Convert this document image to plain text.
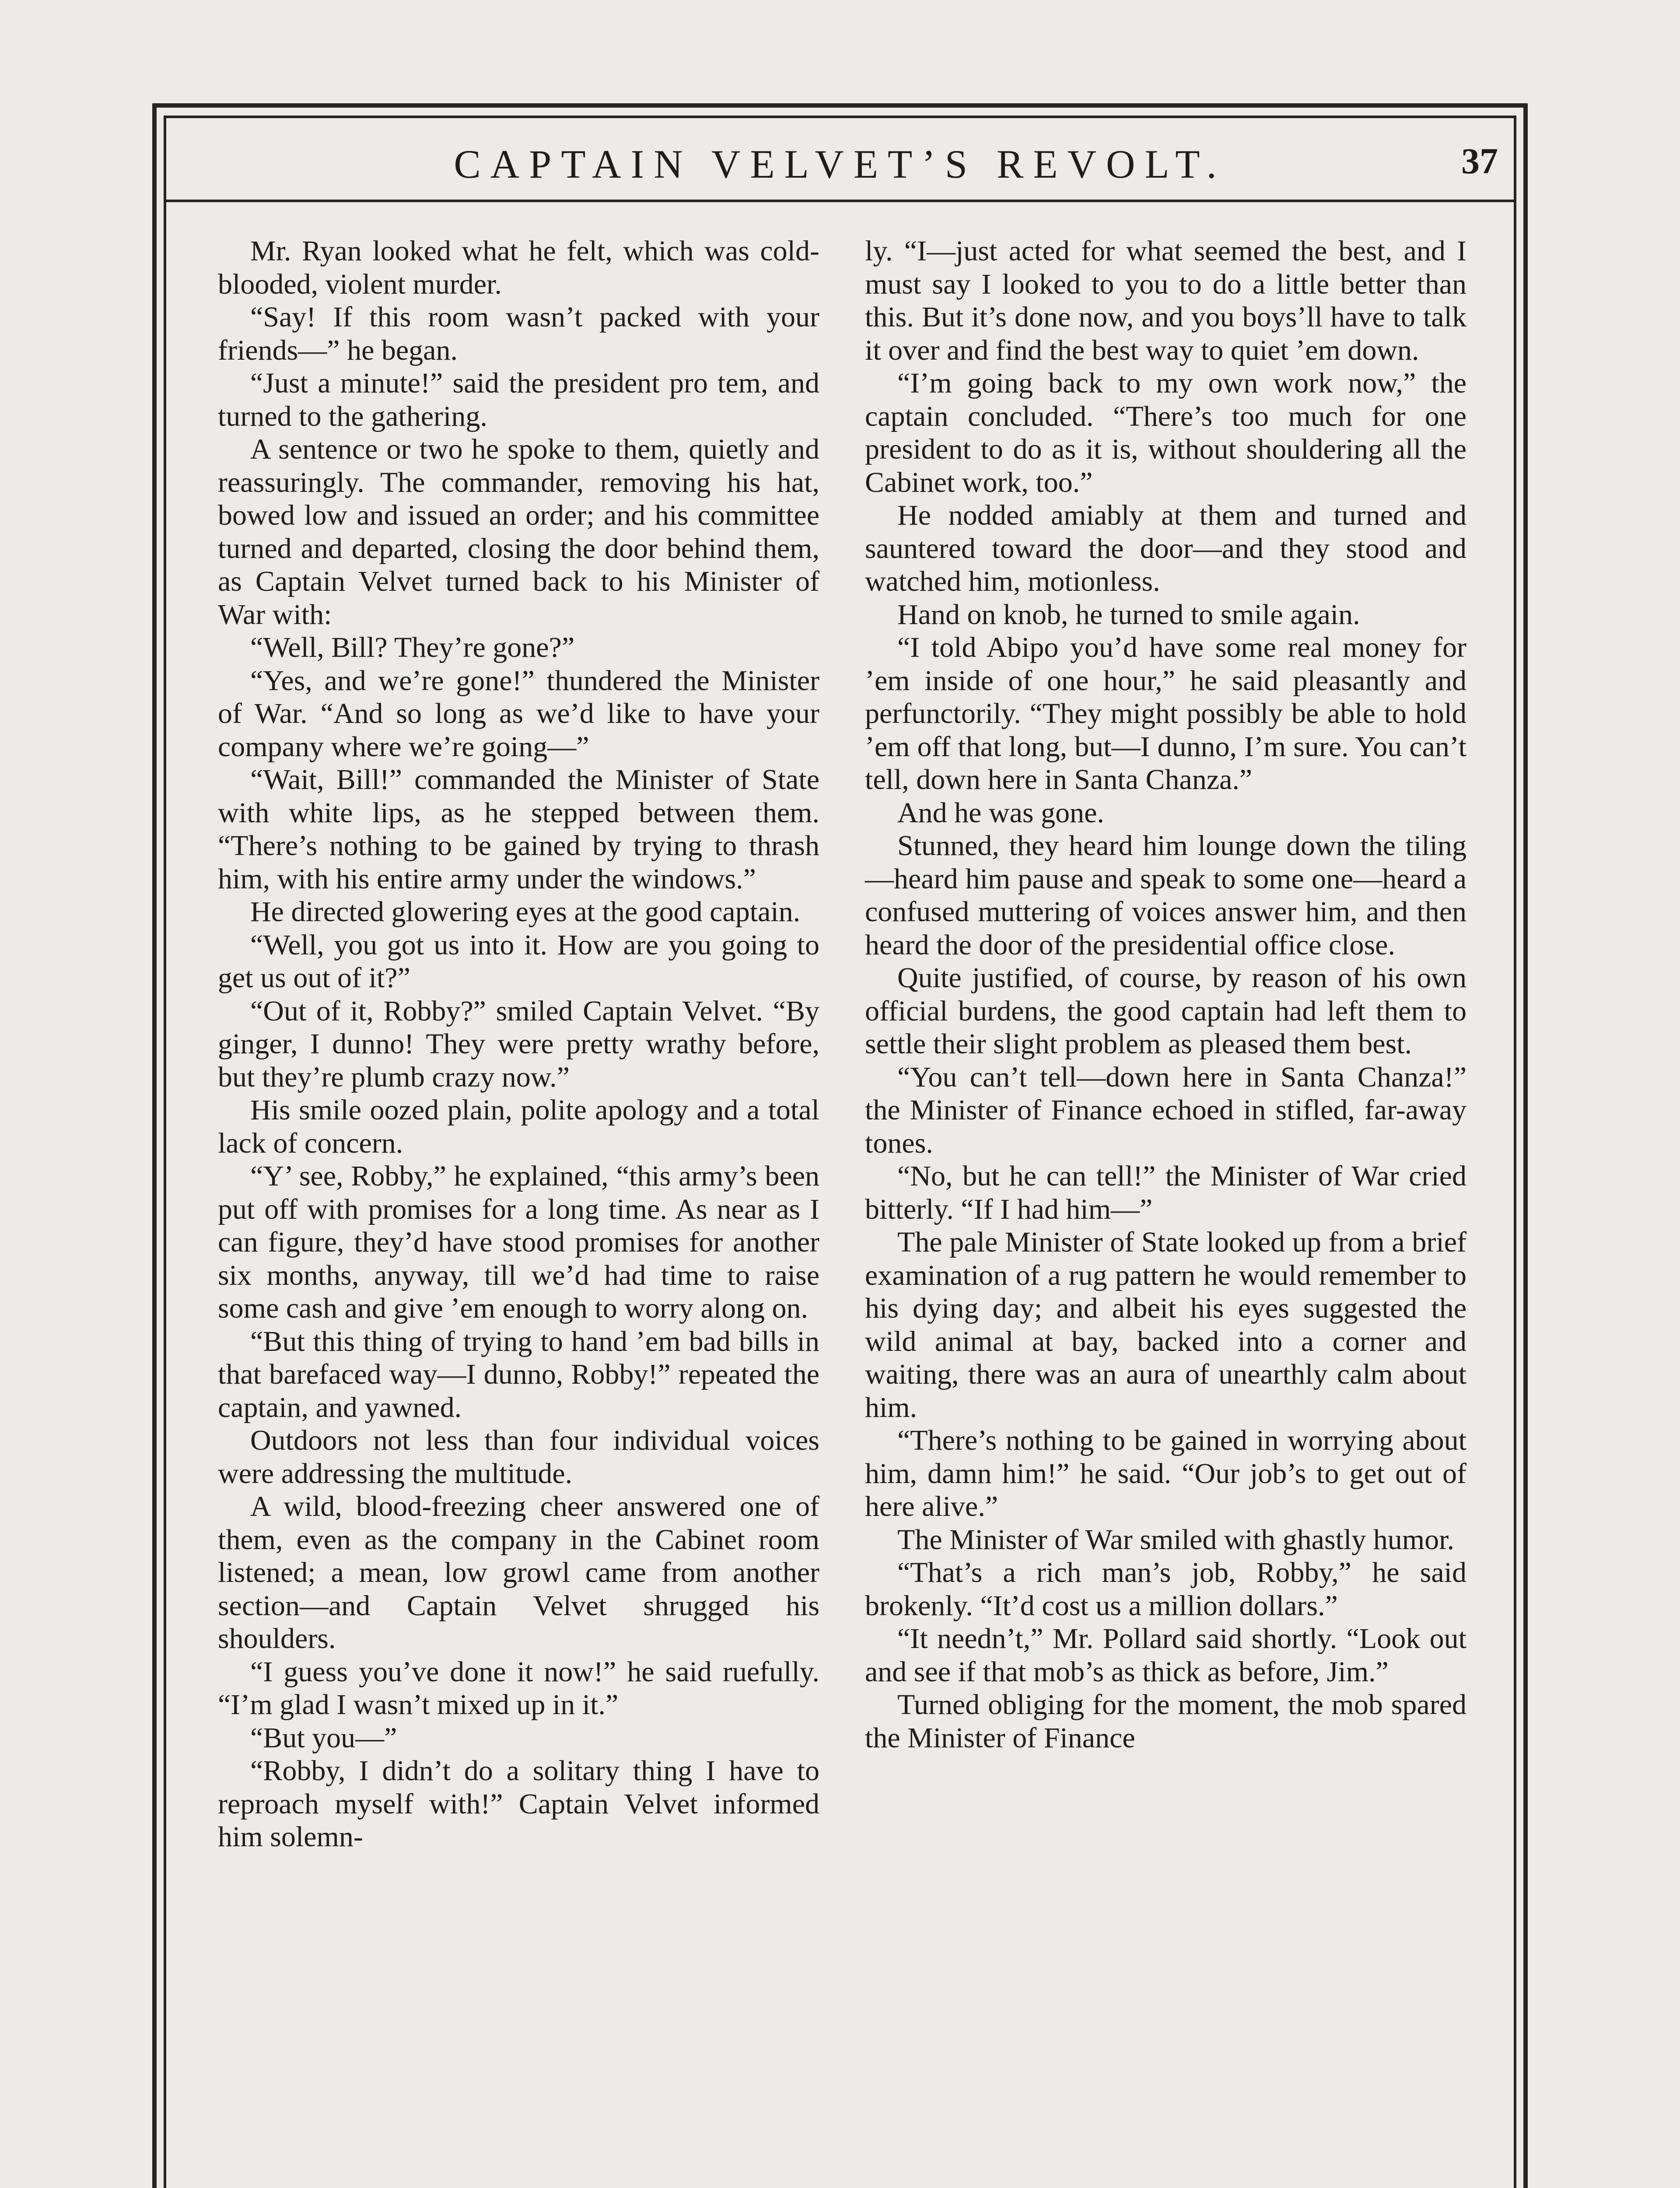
CAPTAIN VELVET’S REVOLT.	37

Mr. Ryan looked what he felt, which was cold-blooded, violent murder.

“Say! If this room wasn’t packed with your friends—” he began.

“Just a minute!” said the president pro tem, and turned to the gathering.

A sentence or two he spoke to them, quietly and reassuringly. The commander, removing his hat, bowed low and issued an order; and his committee turned and departed, closing the door behind them, as Captain Velvet turned back to his Minister of War with:

“Well, Bill? They’re gone?”

“Yes, and we’re gone!” thundered the Minister of War. “And so long as we’d like to have your company where we’re going—”

“Wait, Bill!” commanded the Minister of State with white lips, as he stepped between them. “There’s nothing to be gained by trying to thrash him, with his entire army under the windows.”

He directed glowering eyes at the good captain.

“Well, you got us into it. How are you going to get us out of it?”

“Out of it, Robby?” smiled Captain Velvet. “By ginger, I dunno! They were pretty wrathy before, but they’re plumb crazy now.”

His smile oozed plain, polite apology and a total lack of concern.

“Y’ see, Robby,” he explained, “this army’s been put off with promises for a long time. As near as I can figure, they’d have stood promises for another six months, anyway, till we’d had time to raise some cash and give ’em enough to worry along on.

“But this thing of trying to hand ’em bad bills in that barefaced way—I dunno, Robby!” repeated the captain, and yawned.

Outdoors not less than four individual voices were addressing the multitude.

A wild, blood-freezing cheer answered one of them, even as the company in the Cabinet room listened; a mean, low growl came from another section—and Captain Velvet shrugged his shoulders.

“I guess you’ve done it now!” he said ruefully. “I’m glad I wasn’t mixed up in it.”

“But you—”

“Robby, I didn’t do a solitary thing I have to reproach myself with!” Captain Velvet informed him solemn-

ly. “I—just acted for what seemed the best, and I must say I looked to you to do a little better than this. But it’s done now, and you boys’ll have to talk it over and find the best way to quiet ’em down.

“I’m going back to my own work now,” the captain concluded. “There’s too much for one president to do as it is, without shouldering all the Cabinet work, too.”

He nodded amiably at them and turned and sauntered toward the door—and they stood and watched him, motionless.

Hand on knob, he turned to smile again.

“I told Abipo you’d have some real money for ’em inside of one hour,” he said pleasantly and perfunctorily. “They might possibly be able to hold ’em off that long, but—I dunno, I’m sure. You can’t tell, down here in Santa Chanza.”

And he was gone.

Stunned, they heard him lounge down the tiling—heard him pause and speak to some one—heard a confused muttering of voices answer him, and then heard the door of the presidential office close.

Quite justified, of course, by reason of his own official burdens, the good captain had left them to settle their slight problem as pleased them best.

“You can’t tell—down here in Santa Chanza!” the Minister of Finance echoed in stifled, far-away tones.

“No, but he can tell!” the Minister of War cried bitterly. “If I had him—”

The pale Minister of State looked up from a brief examination of a rug pattern he would remember to his dying day; and albeit his eyes suggested the wild animal at bay, backed into a corner and waiting, there was an aura of unearthly calm about him.

“There’s nothing to be gained in worrying about him, damn him!” he said. “Our job’s to get out of here alive.”

The Minister of War smiled with ghastly humor.

“That’s a rich man’s job, Robby,” he said brokenly. “It’d cost us a million dollars.”

“It needn’t,” Mr. Pollard said shortly. “Look out and see if that mob’s as thick as before, Jim.”

Turned obliging for the moment, the mob spared the Minister of Finance
